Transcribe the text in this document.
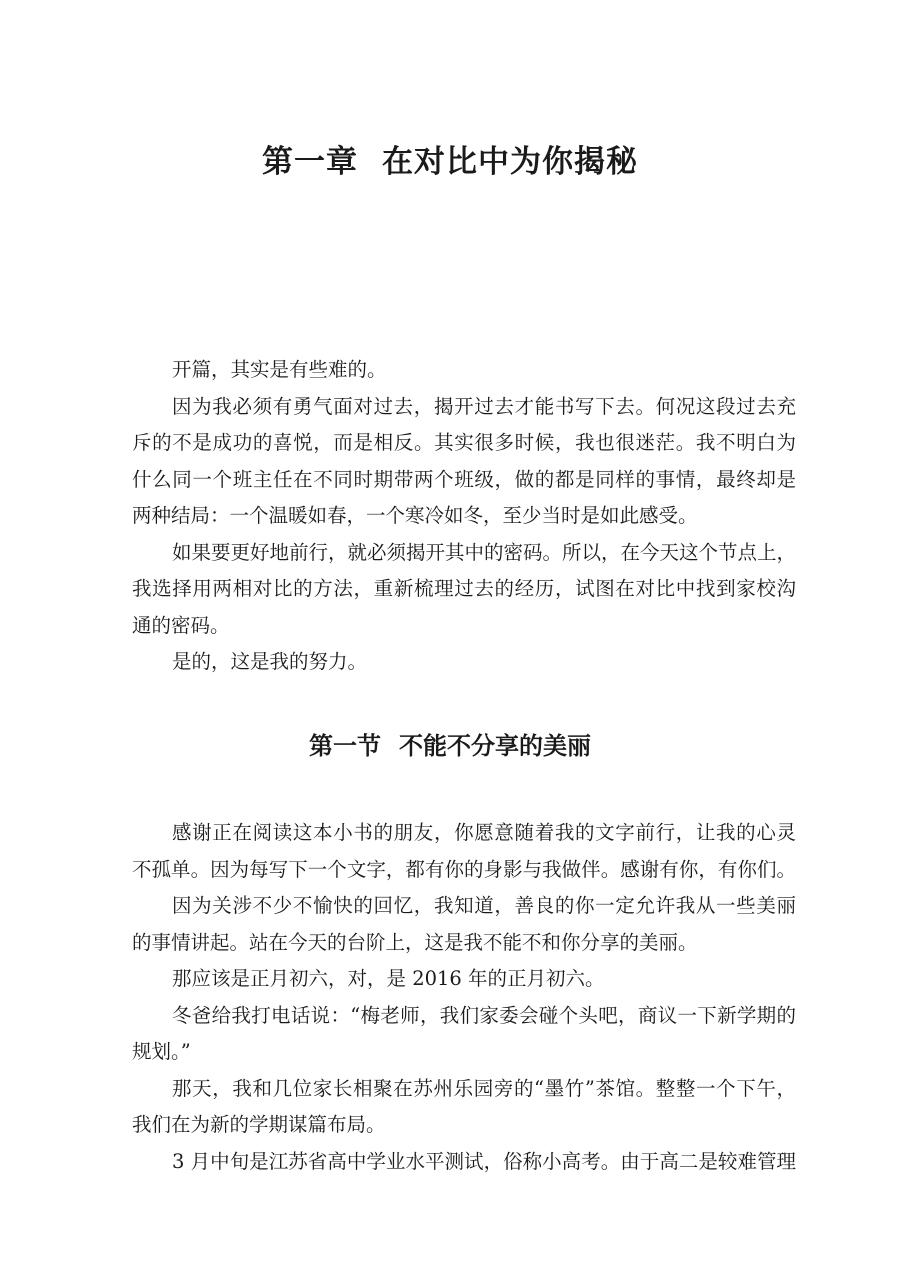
第一章 在对比中为你揭秘
开篇，其实是有些难的。
因为我必须有勇气面对过去，揭开过去才能书写下去。何况这段过去充
斥的不是成功的喜悦，而是相反。其实很多时候，我也很迷茫。我不明白为
什么同一个班主任在不同时期带两个班级，做的都是同样的事情，最终却是
两种结局：一个温暖如春，一个寒冷如冬，至少当时是如此感受。
如果要更好地前行，就必须揭开其中的密码。所以，在今天这个节点上，
我选择用两相对比的方法，重新梳理过去的经历，试图在对比中找到家校沟
通的密码。
是的，这是我的努力。
第一节 不能不分享的美丽
感谢正在阅读这本小书的朋友，你愿意随着我的文字前行，让我的心灵
不孤单。因为每写下一个文字，都有你的身影与我做伴。感谢有你，有你们。
因为关涉不少不愉快的回忆，我知道，善良的你一定允许我从一些美丽
的事情讲起。站在今天的台阶上，这是我不能不和你分享的美丽。
那应该是正月初六，对，是 2016 年的正月初六。
冬爸给我打电话说：“梅老师，我们家委会碰个头吧，商议一下新学期的
规划。”
那天，我和几位家长相聚在苏州乐园旁的“墨竹”茶馆。整整一个下午，
我们在为新的学期谋篇布局。
3 月中旬是江苏省高中学业水平测试，俗称小高考。由于高二是较难管理
